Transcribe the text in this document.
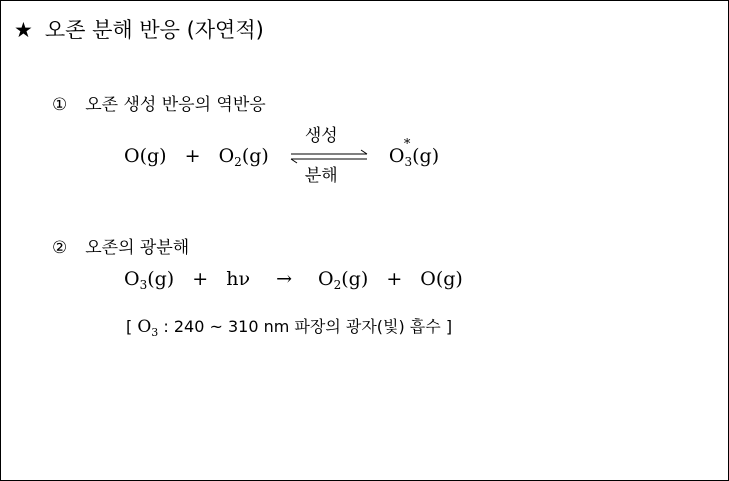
★ 오존 분해 반응 (자연적)
① 오존 생성 반응의 역반응
$O(g) + O_2(g)$
생성
분해
$O_3$
*
(g)
② 오존의 광분해
$O_3(g) + h\nu \to O_2(g) + O(g)$
[ $O_3$ : 240 ~ 310 nm 파장의 광자(빛) 흡수 ]
